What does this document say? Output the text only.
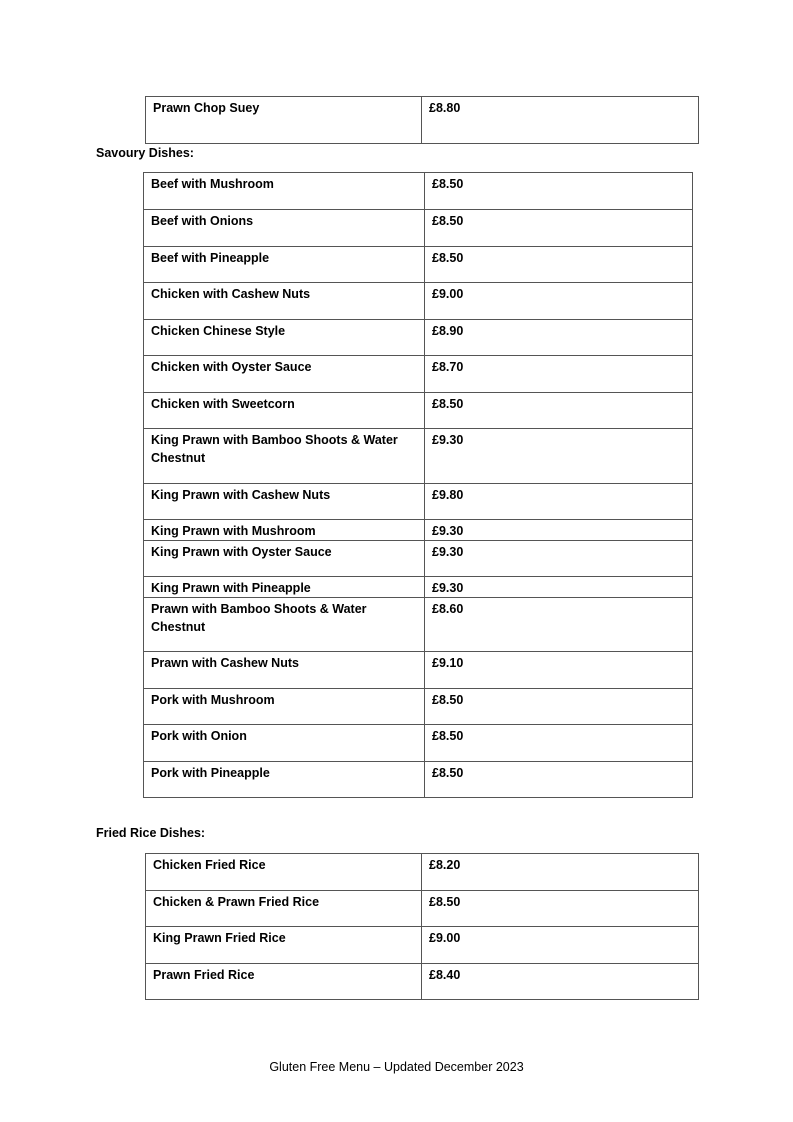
Prawn Chop Suey	£8.80

Savoury Dishes:

Beef with Mushroom	£8.50
Beef with Onions	£8.50
Beef with Pineapple	£8.50
Chicken with Cashew Nuts	£9.00
Chicken Chinese Style	£8.90
Chicken with Oyster Sauce	£8.70
Chicken with Sweetcorn	£8.50
King Prawn with Bamboo Shoots & Water Chestnut	£9.30
King Prawn with Cashew Nuts	£9.80
King Prawn with Mushroom	£9.30
King Prawn with Oyster Sauce	£9.30
King Prawn with Pineapple	£9.30
Prawn with Bamboo Shoots & Water Chestnut	£8.60
Prawn with Cashew Nuts	£9.10
Pork with Mushroom	£8.50
Pork with Onion	£8.50
Pork with Pineapple	£8.50

Fried Rice Dishes:

Chicken Fried Rice	£8.20
Chicken & Prawn Fried Rice	£8.50
King Prawn Fried Rice	£9.00
Prawn Fried Rice	£8.40
Gluten Free Menu – Updated December 2023
